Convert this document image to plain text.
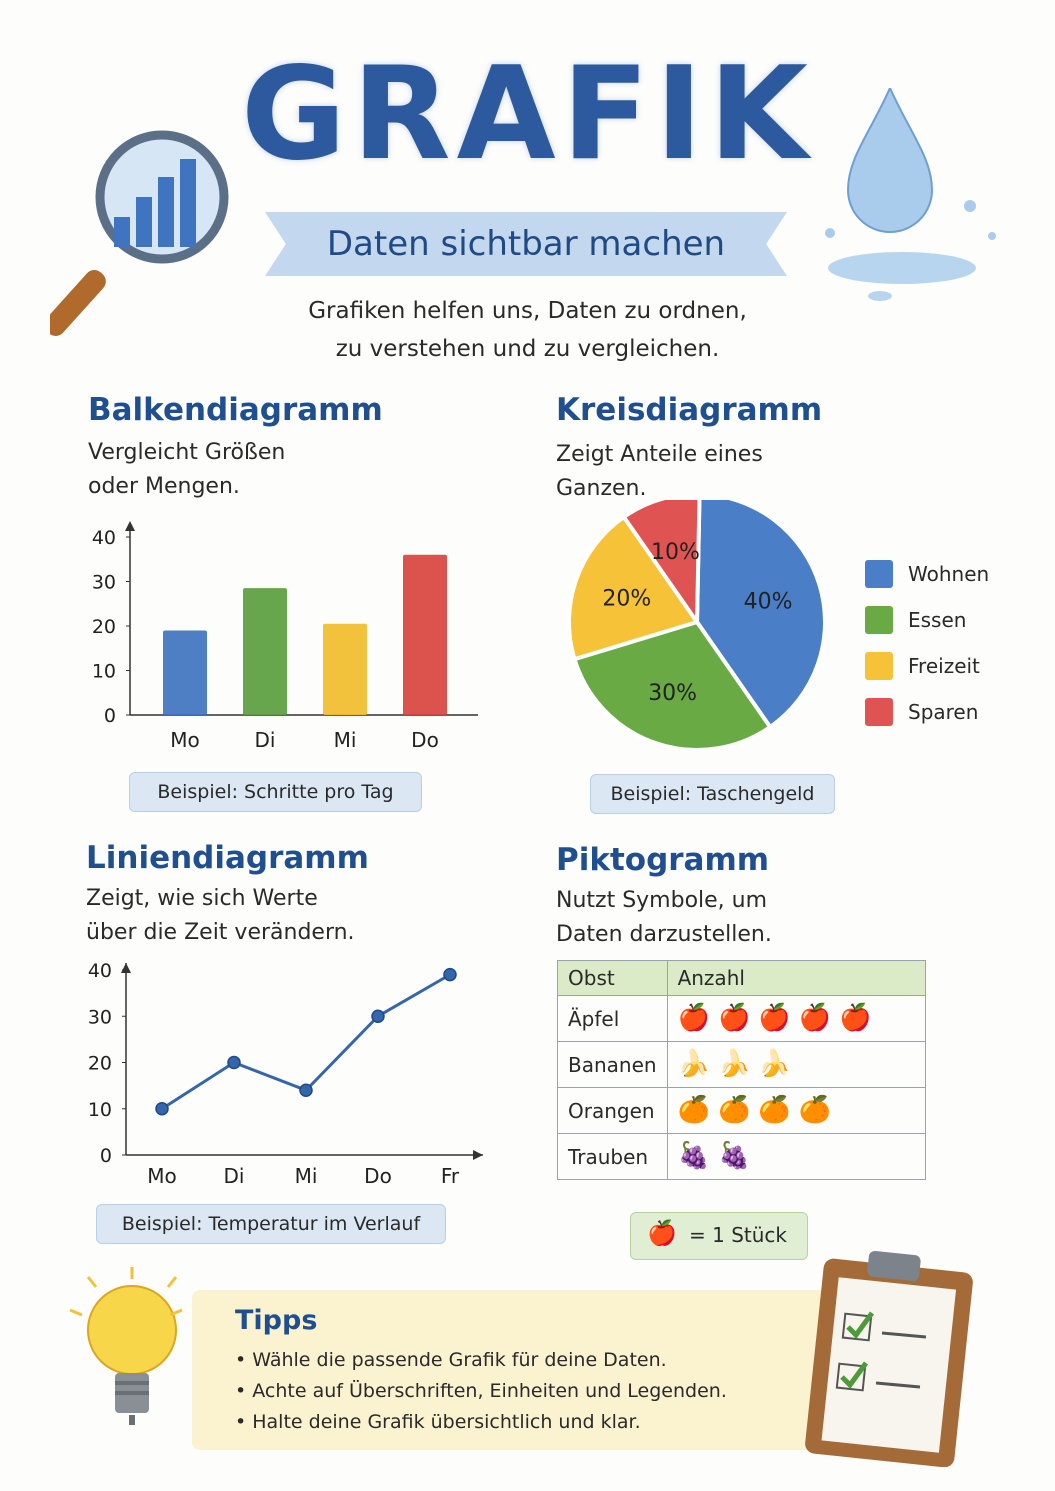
GRAFIK
Daten sichtbar machen
Grafiken helfen uns, Daten zu ordnen,
zu verstehen und zu vergleichen.
Balkendiagramm
Vergleicht Größen
oder Mengen.
0
10
20
30
40
Mo	Di	Mi	Do
Beispiel: Schritte pro Tag
Kreisdiagramm
Zeigt Anteile eines
Ganzen.
40%
30%
20%
10%
Wohnen
Essen
Freizeit
Sparen
Beispiel: Taschengeld
Liniendiagramm
Zeigt, wie sich Werte
über die Zeit verändern.
0
10
20
30
40
Mo Di	Mi Do Fr
Beispiel: Temperatur im Verlauf
Piktogramm
Nutzt Symbole, um
Daten darzustellen.
Obst	Anzahl
Äpfel	🍎 🍎 🍎 🍎 🍎
Bananen	🍌 🍌 🍌
Orangen	🍊 🍊 🍊 🍊
Trauben	🍇 🍇
🍎 = 1 Stück
Tipps
• Wähle die passende Grafik für deine Daten.
• Achte auf Überschriften, Einheiten und Legenden.
• Halte deine Grafik übersichtlich und klar.
